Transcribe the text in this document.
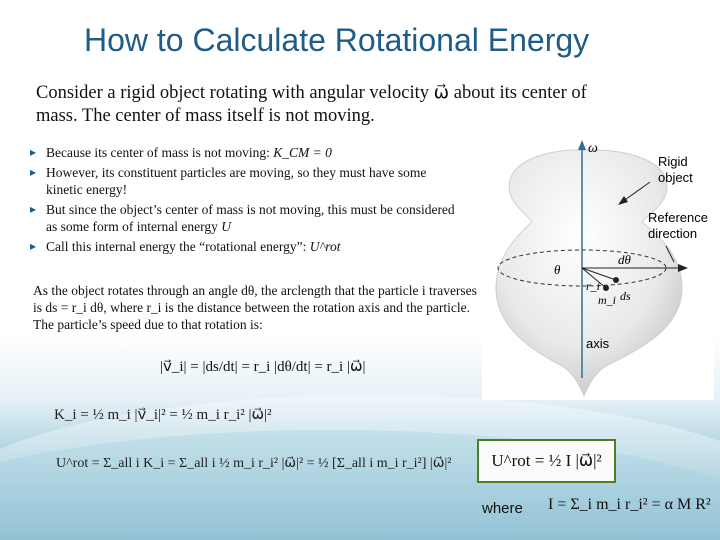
How to Calculate Rotational Energy
Consider a rigid object rotating with angular velocity ω⃗ about its center of mass. The center of mass itself is not moving.
▸ Because its center of mass is not moving: K_CM = 0
▸ However, its constituent particles are moving, so they must have some kinetic energy!
▸ But since the object’s center of mass is not moving, this must be considered as some form of internal energy U
▸ Call this internal energy the “rotational energy”: U^rot
As the object rotates through an angle dθ, the arclength that the particle i traverses is ds = r_i dθ, where r_i is the distance between the rotation axis and the particle. The particle’s speed due to that rotation is:
|v⃗_i| = |ds/dt| = r_i |dθ/dt| = r_i |ω⃗|
K_i = ½ m_i |v⃗_i|² = ½ m_i r_i² |ω⃗|²
U^rot = Σ_all i K_i = Σ_all i ½ m_i r_i² |ω⃗|² = ½ [Σ_all i m_i r_i²] |ω⃗|² U^rot = ½ I |ω⃗|²
where I = Σ_i m_i r_i² = α M R²
ω⃗
Rigid
object
Reference
direction
θ
dθ
r_i
m_i ds
axis
